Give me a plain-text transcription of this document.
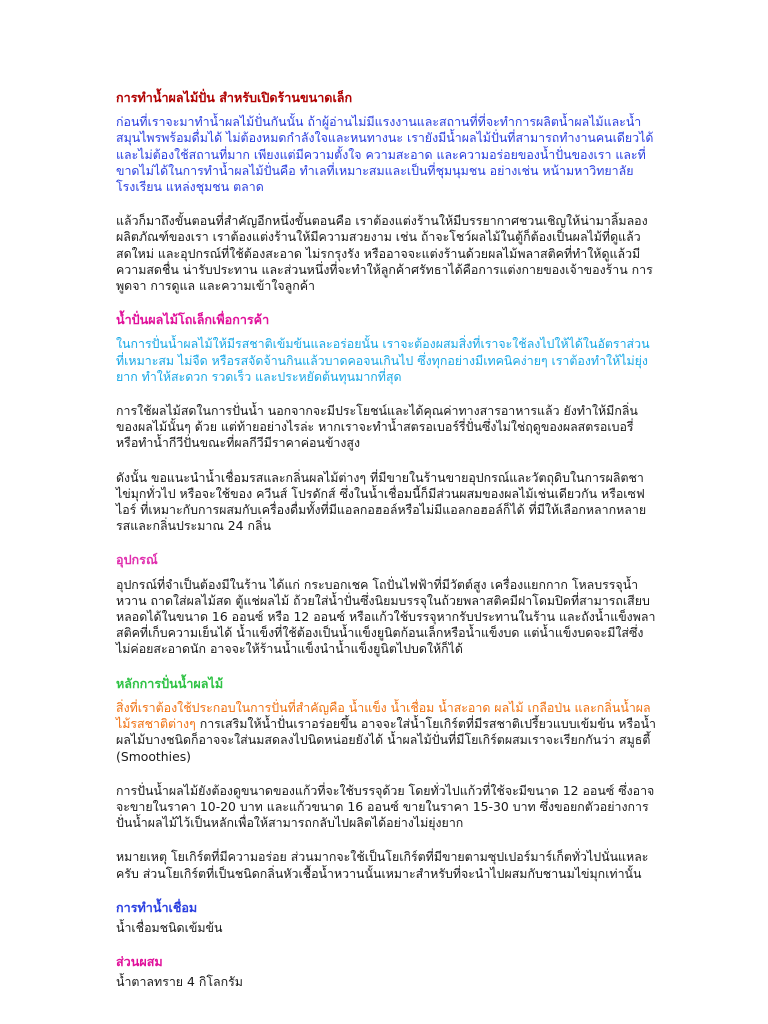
การทำน้ำผลไม้ปั่น สำหรับเปิดร้านขนาดเล็ก
ก่อนที่เราจะมาทำน้ำผลไม้ปั่นกันนั้น ถ้าผู้อ่านไม่มีแรงงานและสถานที่ที่จะทำการผลิตน้ำผลไม้และน้ำสมุนไพรพร้อมดื่มได้ ไม่ต้องหมดกำลังใจและหนทางนะ เรายังมีน้ำผลไม้ปั่นที่สามารถทำงานคนเดียวได้และไม่ต้องใช้สถานที่มาก เพียงแต่มีความตั้งใจ ความสะอาด และความอร่อยของน้ำปั่นของเรา และที่ขาดไม่ได้ในการทำน้ำผลไม้ปั่นคือ ทำเลที่เหมาะสมและเป็นที่ชุมนุมชน อย่างเช่น หน้ามหาวิทยาลัย โรงเรียน แหล่งชุมชน ตลาด
แล้วก็มาถึงขั้นตอนที่สำคัญอีกหนึ่งขั้นตอนคือ เราต้องแต่งร้านให้มีบรรยากาศชวนเชิญให้น่ามาลิ้มลองผลิตภัณฑ์ของเรา เราต้องแต่งร้านให้มีความสวยงาม เช่น ถ้าจะโชว์ผลไม้ในตู้ก็ต้องเป็นผลไม้ที่ดูแล้วสดใหม่ และอุปกรณ์ที่ใช้ต้องสะอาด ไม่รกรุงรัง หรืออาจจะแต่งร้านด้วยผลไม้พลาสติคที่ทำให้ดูแล้วมีความสดชื่น น่ารับประทาน และส่วนหนึ่งที่จะทำให้ลูกค้าศรัทธาได้คือการแต่งกายของเจ้าของร้าน การพูดจา การดูแล และความเข้าใจลูกค้า
น้ำปั่นผลไม้โถเล็กเพื่อการค้า
ในการปั่นน้ำผลไม้ให้มีรสชาติเข้มข้นและอร่อยนั้น เราจะต้องผสมสิ่งที่เราจะใช้ลงไปให้ได้ในอัตราส่วนที่เหมาะสม ไม่จืด หรือรสจัดจ้านกินแล้วบาดคอจนเกินไป ซึ่งทุกอย่างมีเทคนิคง่ายๆ เราต้องทำให้ไม่ยุ่งยาก ทำให้สะดวก รวดเร็ว และประหยัดต้นทุนมากที่สุด
การใช้ผลไม้สดในการปั่นน้ำ นอกจากจะมีประโยชน์และได้คุณค่าทางสารอาหารแล้ว ยังทำให้มีกลิ่นของผลไม้นั้นๆ ด้วย แต่ท้ายอย่างไรล่ะ หากเราจะทำน้ำสตรอเบอร์รี่ปั่นซึ่งไม่ใช่ฤดูของผลสตรอเบอรี่ หรือทำน้ำกีวีปั่นขณะที่ผลกีวีมีราคาค่อนข้างสูง
ดังนั้น ขอแนะนำน้ำเชื่อมรสและกลิ่นผลไม้ต่างๆ ที่มีขายในร้านขายอุปกรณ์และวัตถุดิบในการผลิตชาไข่มุกทั่วไป หรือจะใช้ของ ควีนส์ โปรดักส์ ซึ่งในน้ำเชื่อมนี้ก็มีส่วนผสมของผลไม้เช่นเดียวกัน หรือเซฟไอร์ ที่เหมาะกับการผสมกับเครื่องดื่มทั้งที่มีแอลกอฮอล์หรือไม่มีแอลกอฮอล์ก็ได้ ที่มีให้เลือกหลากหลายรสและกลิ่นประมาณ 24 กลิ่น
อุปกรณ์
อุปกรณ์ที่จำเป็นต้องมีในร้าน ได้แก่ กระบอกเชค โถปั่นไฟฟ้าที่มีวัตต์สูง เครื่องแยกกาก โหลบรรจุน้ำหวาน ถาดใส่ผลไม้สด ตู้แช่ผลไม้ ถ้วยใส่น้ำปั่นซึ่งนิยมบรรจุในถ้วยพลาสติคมีฝาโดมปิดที่สามารถเสียบหลอดได้ในขนาด 16 ออนซ์ หรือ 12 ออนซ์ หรือแก้วใช้บรรจุหากรับประทานในร้าน และถังน้ำแข็งพลาสติคที่เก็บความเย็นได้ น้ำแข็งที่ใช้ต้องเป็นน้ำแข็งยูนิตก้อนเล็กหรือน้ำแข็งบด แต่น้ำแข็งบดจะมีใส่ซึ่งไม่ค่อยสะอาดนัก อาจจะให้ร้านน้ำแข็งนำน้ำแข็งยูนิตไปบดให้ก็ได้
หลักการปั่นน้ำผลไม้
สิ่งที่เราต้องใช้ประกอบในการปั่นที่สำคัญคือ น้ำแข็ง น้ำเชื่อม น้ำสะอาด ผลไม้ เกลือป่น และกลิ่นน้ำผลไม้รสชาติต่างๆ การเสริมให้น้ำปั่นเราอร่อยขึ้น อาจจะใส่น้ำโยเกิร์ตที่มีรสชาติเปรี้ยวแบบเข้มข้น หรือน้ำผลไม้บางชนิดก็อาจจะใส่นมสดลงไปนิดหน่อยยังได้ น้ำผลไม้ปั่นที่มีโยเกิร์ตผสมเราจะเรียกกันว่า สมูธตี้ (Smoothies)
การปั่นน้ำผลไม้ยังต้องดูขนาดของแก้วที่จะใช้บรรจุด้วย โดยทั่วไปแก้วที่ใช้จะมีขนาด 12 ออนซ์ ซึ่งอาจจะขายในราคา 10-20 บาท และแก้วขนาด 16 ออนซ์ ขายในราคา 15-30 บาท ซึ่งขอยกตัวอย่างการปั่นน้ำผลไม้ไว้เป็นหลักเพื่อให้สามารถกลับไปผลิตได้อย่างไม่ยุ่งยาก
หมายเหตุ โยเกิร์ตที่มีความอร่อย ส่วนมากจะใช้เป็นโยเกิร์ตที่มีขายตามซุปเปอร์มาร์เก็ตทั่วไปนั่นแหละครับ ส่วนโยเกิร์ตที่เป็นชนิดกลิ่นหัวเชื้อน้ำหวานนั้นเหมาะสำหรับที่จะนำไปผสมกับชานมไข่มุกเท่านั้น
การทำน้ำเชื่อม
น้ำเชื่อมชนิดเข้มข้น
ส่วนผสม
น้ำตาลทราย 4 กิโลกรัม
